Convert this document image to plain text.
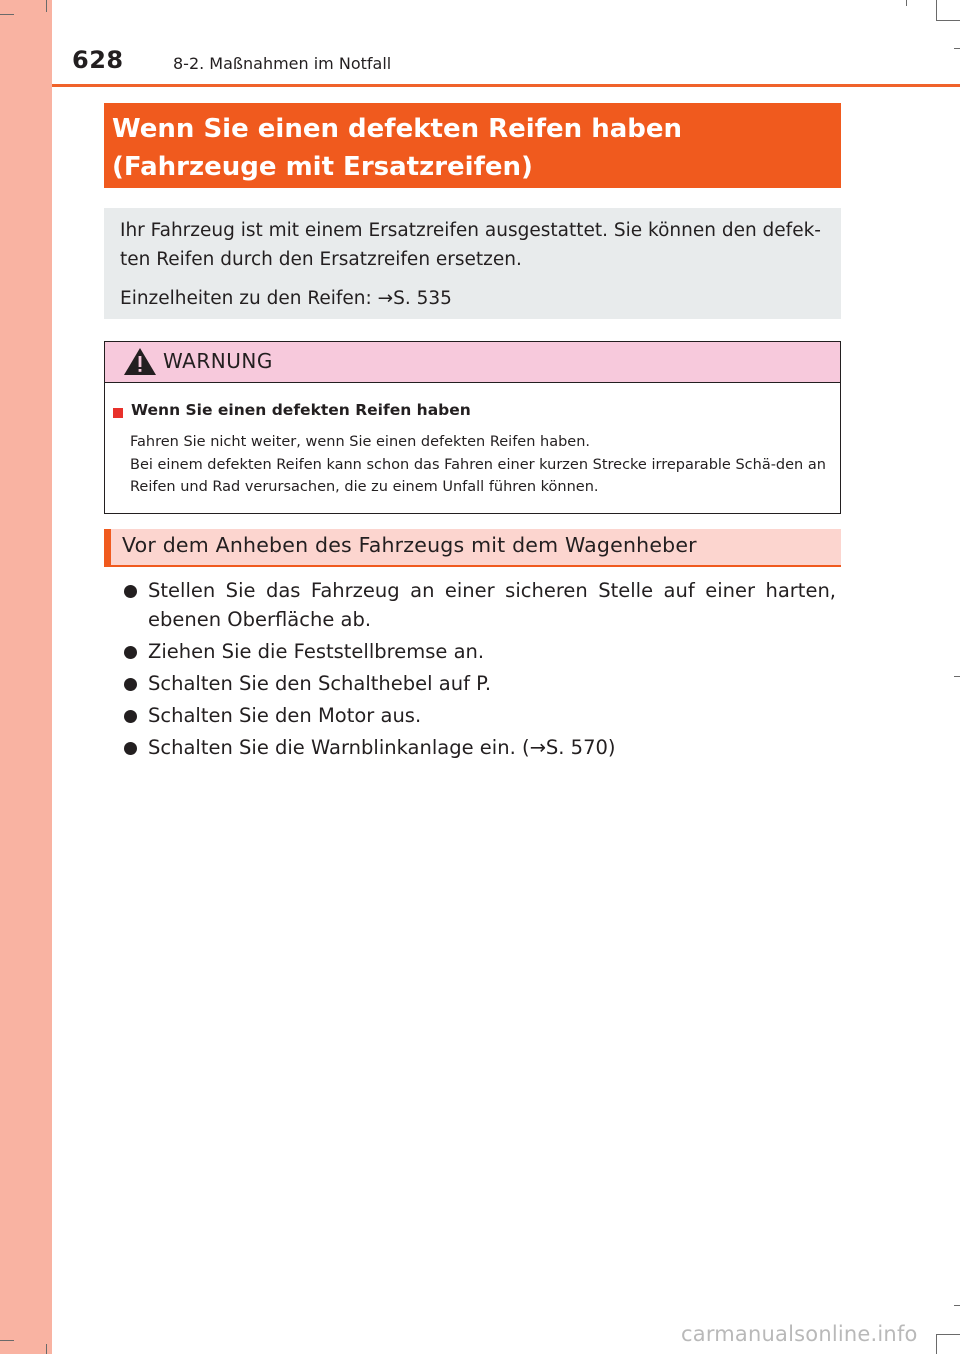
628	8-2. Maßnahmen im Notfall
Wenn Sie einen defekten Reifen haben (Fahrzeuge mit Ersatzreifen)

Ihr Fahrzeug ist mit einem Ersatzreifen ausgestattet. Sie können den defek-ten Reifen durch den Ersatzreifen ersetzen.

Einzelheiten zu den Reifen: →S. 535

WARNUNG
Wenn Sie einen defekten Reifen haben

Fahren Sie nicht weiter, wenn Sie einen defekten Reifen haben.

Bei einem defekten Reifen kann schon das Fahren einer kurzen Strecke irreparable Schä-den an Reifen und Rad verursachen, die zu einem Unfall führen können.

Vor dem Anheben des Fahrzeugs mit dem Wagenheber
Stellen Sie das Fahrzeug an einer sicheren Stelle auf einer harten, ebenen Oberfläche ab.
Ziehen Sie die Feststellbremse an.
Schalten Sie den Schalthebel auf P.
Schalten Sie den Motor aus.
Schalten Sie die Warnblinkanlage ein. (→S. 570)
carmanualsonline.info
